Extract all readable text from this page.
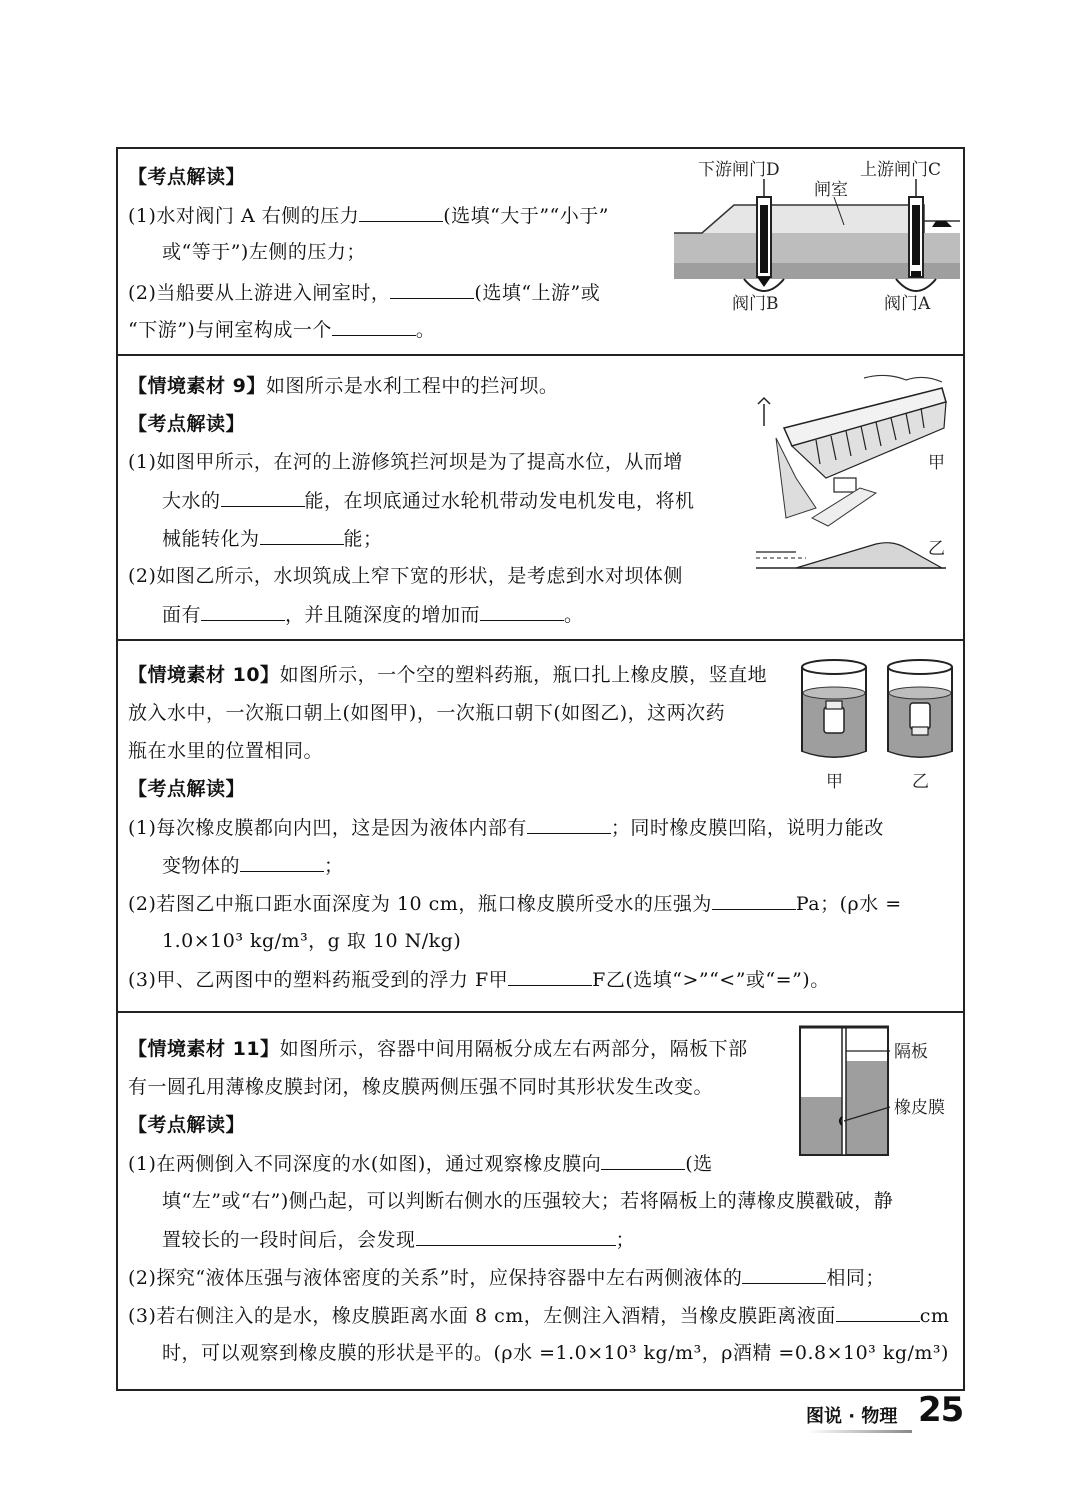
【考点解读】
(1)水对阀门 A 右侧的压力	(选填“大于”“小于”
或“等于”)左侧的压力；
(2)当船要从上游进入闸室时，	(选填“上游”或
“下游”)与闸室构成一个	。
下游闸门D	上游闸门C
闸室
阀门B	阀门A
【情境素材 9】如图所示是水利工程中的拦河坝。
【考点解读】
(1)如图甲所示，在河的上游修筑拦河坝是为了提高水位，从而增
大水的	能，在坝底通过水轮机带动发电机发电，将机
械能转化为	能；
(2)如图乙所示，水坝筑成上窄下宽的形状，是考虑到水对坝体侧
面有	，并且随深度的增加而	。
甲
乙
【情境素材 10】如图所示，一个空的塑料药瓶，瓶口扎上橡皮膜，竖直地
放入水中，一次瓶口朝上(如图甲)，一次瓶口朝下(如图乙)，这两次药
瓶在水里的位置相同。
【考点解读】
(1)每次橡皮膜都向内凹，这是因为液体内部有	；同时橡皮膜凹陷，说明力能改
变物体的	；
(2)若图乙中瓶口距水面深度为 10 cm，瓶口橡皮膜所受水的压强为	Pa；(ρ水 =
1.0×10³ kg/m³，g 取 10 N/kg)
(3)甲、乙两图中的塑料药瓶受到的浮力 F甲	F乙(选填“>”“<”或“=”)。
甲	乙
【情境素材 11】如图所示，容器中间用隔板分成左右两部分，隔板下部
有一圆孔用薄橡皮膜封闭，橡皮膜两侧压强不同时其形状发生改变。
【考点解读】
(1)在两侧倒入不同深度的水(如图)，通过观察橡皮膜向	(选
填“左”或“右”)侧凸起，可以判断右侧水的压强较大；若将隔板上的薄橡皮膜戳破，静
置较长的一段时间后，会发现	；
(2)探究“液体压强与液体密度的关系”时，应保持容器中左右两侧液体的	相同；
(3)若右侧注入的是水，橡皮膜距离水面 8 cm，左侧注入酒精，当橡皮膜距离液面	cm
时，可以观察到橡皮膜的形状是平的。(ρ水 =1.0×10³ kg/m³，ρ酒精 =0.8×10³ kg/m³)
隔板
橡皮膜
图说 · 物理 25
